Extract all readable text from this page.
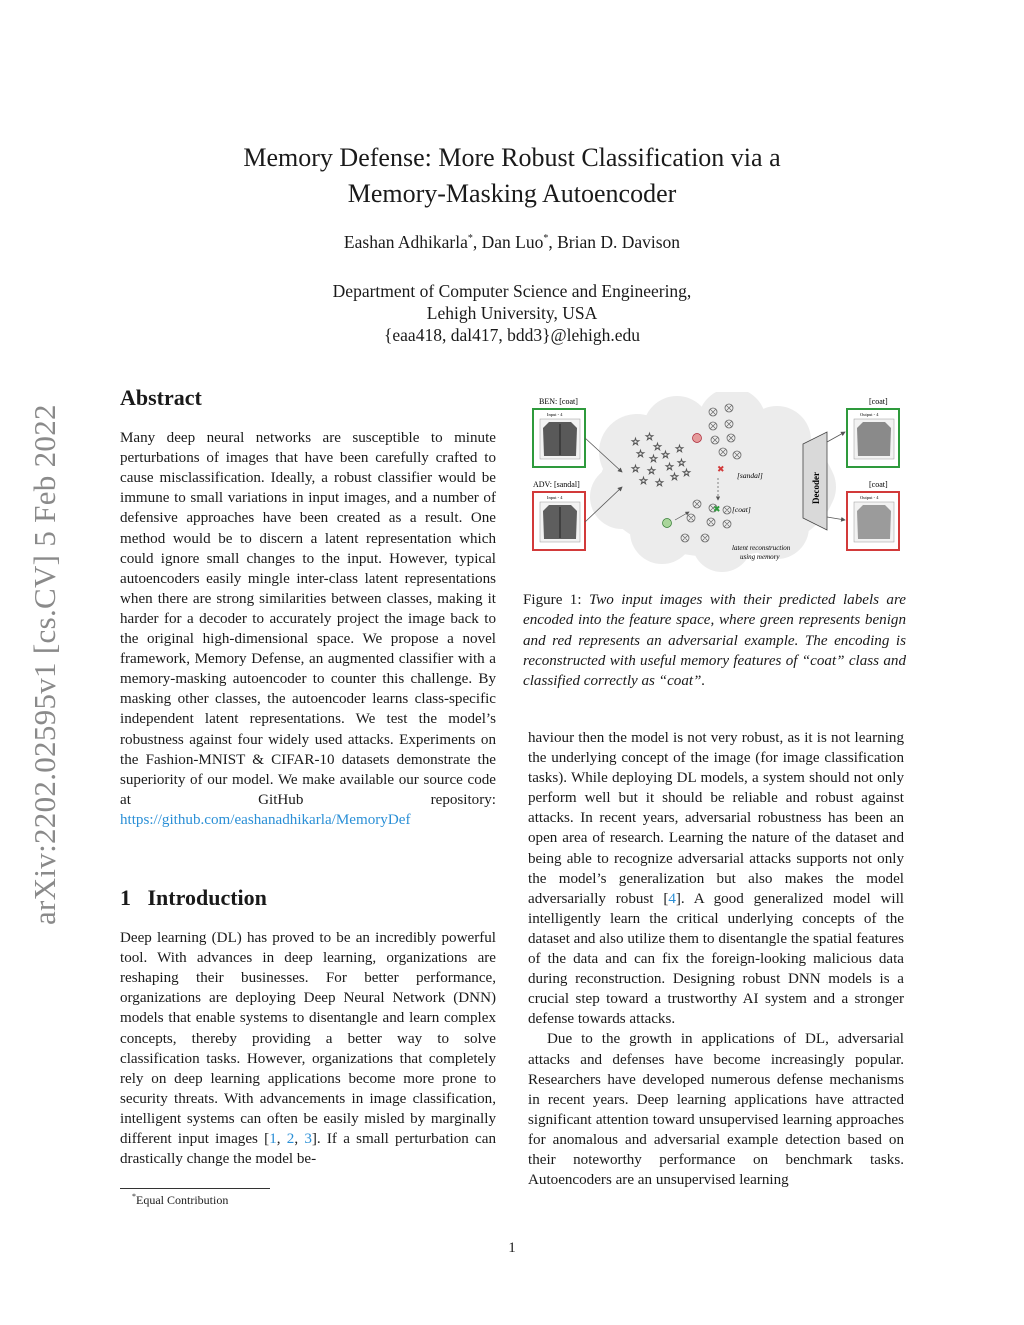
Memory Defense: More Robust Classification via a
Memory-Masking Autoencoder
Eashan Adhikarla*, Dan Luo*, Brian D. Davison
Department of Computer Science and Engineering,
Lehigh University, USA
{eaa418, dal417, bdd3}@lehigh.edu
arXiv:2202.02595v1 [cs.CV] 5 Feb 2022
Abstract

Many deep neural networks are susceptible to minute perturbations of images that have been carefully crafted to cause misclassification. Ideally, a robust classifier would be immune to small variations in input images, and a number of defensive approaches have been created as a result. One method would be to discern a latent representation which could ignore small changes to the input. However, typical autoencoders easily mingle inter-class latent representations when there are strong similarities between classes, making it harder for a decoder to accurately project the image back to the original high-dimensional space. We propose a novel framework, Memory Defense, an augmented classifier with a memory-masking autoencoder to counter this challenge. By masking other classes, the autoencoder learns class-specific independent latent representations. We test the model’s robustness against four widely used attacks. Experiments on the Fashion-MNIST & CIFAR-10 datasets demonstrate the superiority of our model. We make available our source code at GitHub repository: https://github.com/eashanadhikarla/MemoryDef

1 Introduction

Deep learning (DL) has proved to be an incredibly powerful tool. With advances in deep learning, organizations are reshaping their businesses. For better performance, organizations are deploying Deep Neural Network (DNN) models that enable systems to disentangle and learn complex concepts, thereby providing a better way to solve classification tasks. However, organizations that completely rely on deep learning applications become more prone to security threats. With advancements in image classification, intelligent systems can often be easily misled by marginally different input images [1, 2, 3]. If a small perturbation can drastically change the model be-

*Equal Contribution
BEN: [coat]
Input - 4
ADV: [sandal]
Input - 4
☆ ☆
☆
☆ ☆ ☆
☆ ☆ ☆ ☆
☆ ☆
☆ ☆
☆
✖
✖
[sandal]
[coat]
latent reconstruction
using memory
Decoder
[coat]
Output - 4
[coat]
Output - 4
Figure 1: Two input images with their predicted labels are encoded into the feature space, where green represents benign and red represents an adversarial example. The encoding is reconstructed with useful memory features of “coat” class and classified correctly as “coat”.

haviour then the model is not very robust, as it is not learning the underlying concept of the image (for image classification tasks). While deploying DL models, a system should not only perform well but it should be reliable and robust against attacks. In recent years, adversarial robustness has been an open area of research. Learning the nature of the dataset and being able to recognize adversarial attacks supports not only the model’s generalization but also makes the model adversarially robust [4]. A good generalized model will intelligently learn the critical underlying concepts of the dataset and also utilize them to disentangle the spatial features of the data and can fix the foreign-looking malicious data during reconstruction. Designing robust DNN models is a crucial step toward a trustworthy AI system and a stronger defense towards attacks.

Due to the growth in applications of DL, adversarial attacks and defenses have become increasingly popular. Researchers have developed numerous defense mechanisms in recent years. Deep learning applications have attracted significant attention toward unsupervised learning approaches for anomalous and adversarial example detection based on their noteworthy performance on benchmark tasks. Autoencoders are an unsupervised learning

1
